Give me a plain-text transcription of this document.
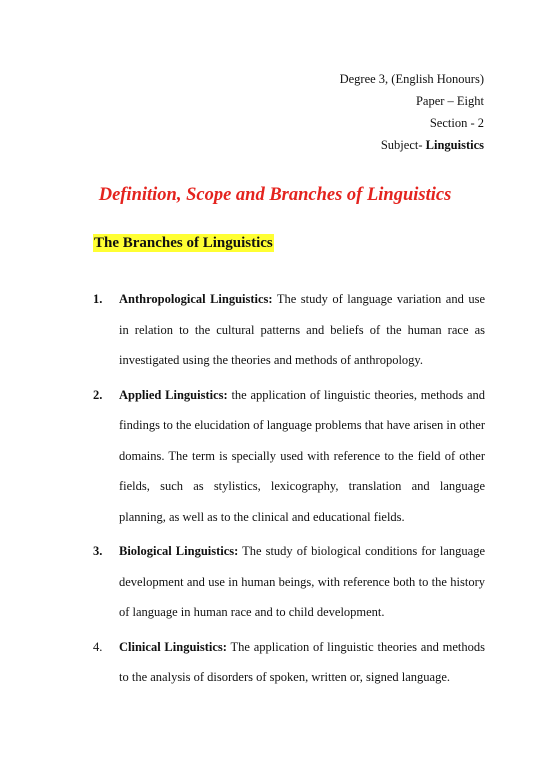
Degree 3, (English Honours)
Paper – Eight
Section - 2
Subject- Linguistics
Definition, Scope and Branches of Linguistics
The Branches of Linguistics
1. Anthropological Linguistics: The study of language variation and use in relation to the cultural patterns and beliefs of the human race as investigated using the theories and methods of anthropology.
2. Applied Linguistics: the application of linguistic theories, methods and findings to the elucidation of language problems that have arisen in other domains. The term is specially used with reference to the field of other fields, such as stylistics, lexicography, translation and language planning, as well as to the clinical and educational fields.
3. Biological Linguistics: The study of biological conditions for language development and use in human beings, with reference both to the history of language in human race and to child development.
4. Clinical Linguistics: The application of linguistic theories and methods to the analysis of disorders of spoken, written or, signed language.
